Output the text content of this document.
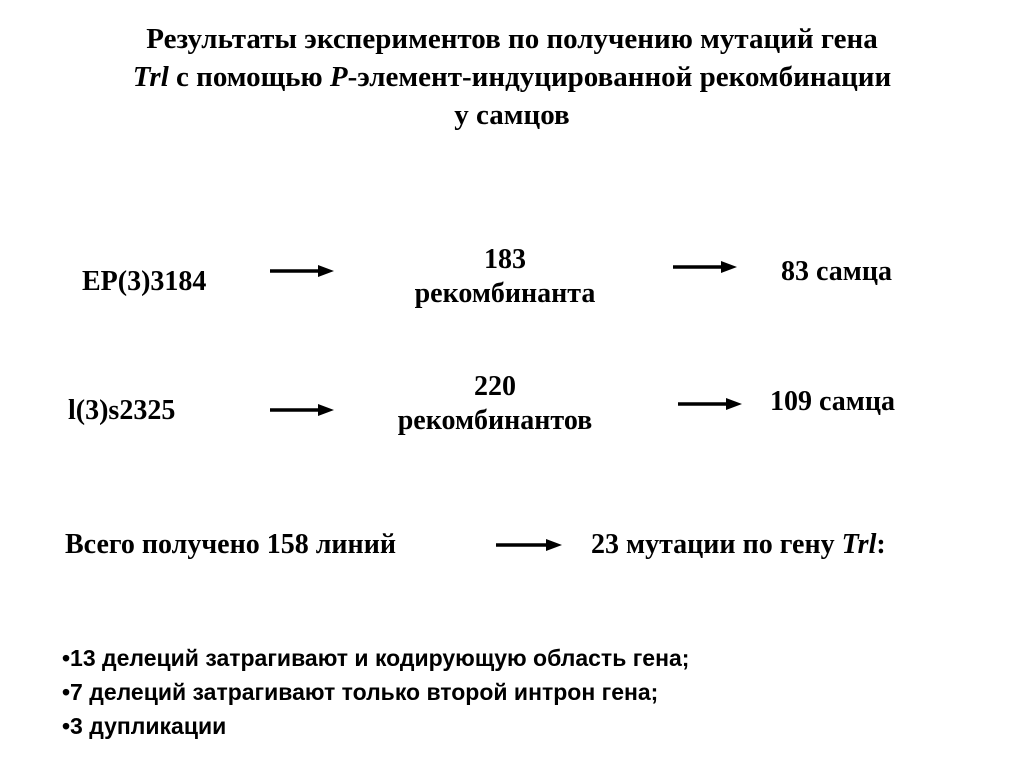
Результаты экспериментов по получению мутаций гена
Trl с помощью P-элемент-индуцированной рекомбинации
у самцов
EP(3)3184
183
рекомбинанта
83 самца
l(3)s2325
220
рекомбинантов
109 самца
Всего получено 158 линий	23 мутации по гену Trl:
•13 делеций затрагивают и кодирующую область гена;
•7 делеций затрагивают только второй интрон гена;
•3 дупликации
